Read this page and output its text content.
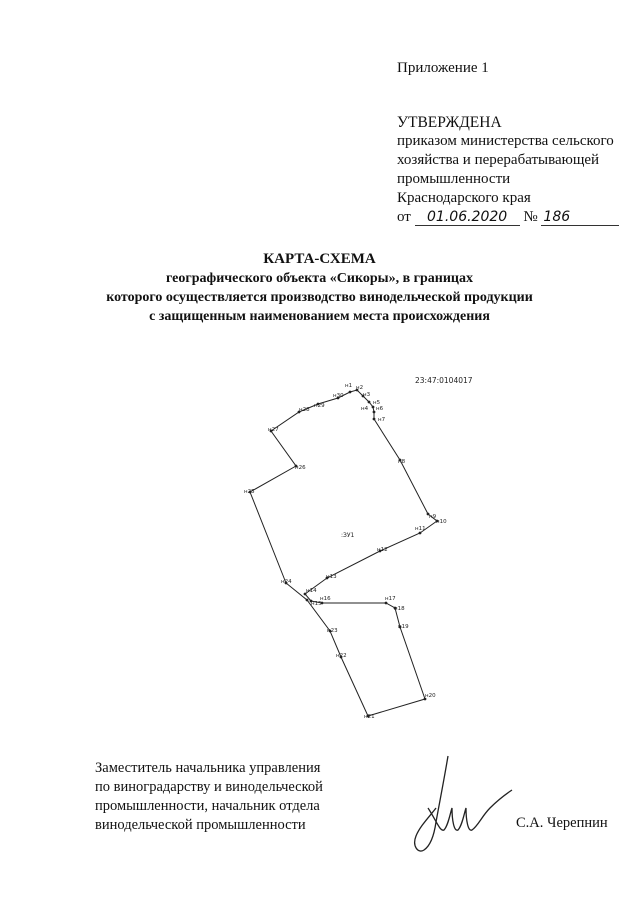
Приложение 1
УТВЕРЖДЕНА
приказом министерства сельского
хозяйства и перерабатывающей
промышленности
Краснодарского края
от 01.06.2020 № 186
КАРТА-СХЕМА
географического объекта «Сикоры», в границах
которого осуществляется производство винодельческой продукции
с защищенным наименованием места происхождения
23:47:0104017
:ЗУ1
н1 н2
н3
н4
н5
н6
н7
н8
н9
н10
н11
н12
н13
н14
н15
н16	н17
н18
н19
н20
н21
н22
н23
н24
н25
н26
н27
н28
н29
н30
Заместитель начальника управления
по виноградарству и винодельческой
промышленности, начальник отдела
винодельческой промышленности	С.А. Черепнин
